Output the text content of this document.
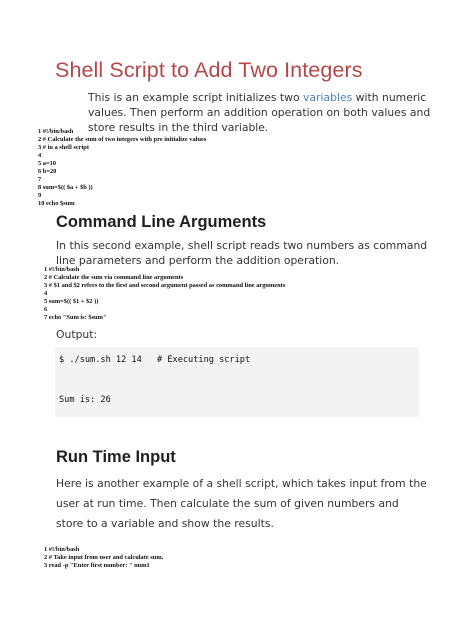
Shell Script to Add Two Integers
This is an example script initializes two variables with numeric values. Then perform an addition operation on both values and store results in the third variable.
1 #!/bin/bash
2 # Calculate the sum of two integers with pre initialize values
3 # in a shell script
4
5 a=10
6 b=20
7
8 sum=$(( $a + $b ))
9
10 echo $sum
Command Line Arguments
In this second example, shell script reads two numbers as command line parameters and perform the addition operation.
1 #!/bin/bash
2 # Calculate the sum via command line arguments
3 # $1 and $2 refers to the first and second argument passed as command line arguments
4
5 sum=$(( $1 + $2 ))
6
7 echo "Sum is: $sum"
Output:
$ ./sum.sh 12 14 # Executing script
Sum is: 26
Run Time Input
Here is another example of a shell script, which takes input from the user at run time. Then calculate the sum of given numbers and store to a variable and show the results.
1 #!/bin/bash
2 # Take input from user and calculate sum.
3 read -p "Enter first number: " num1
